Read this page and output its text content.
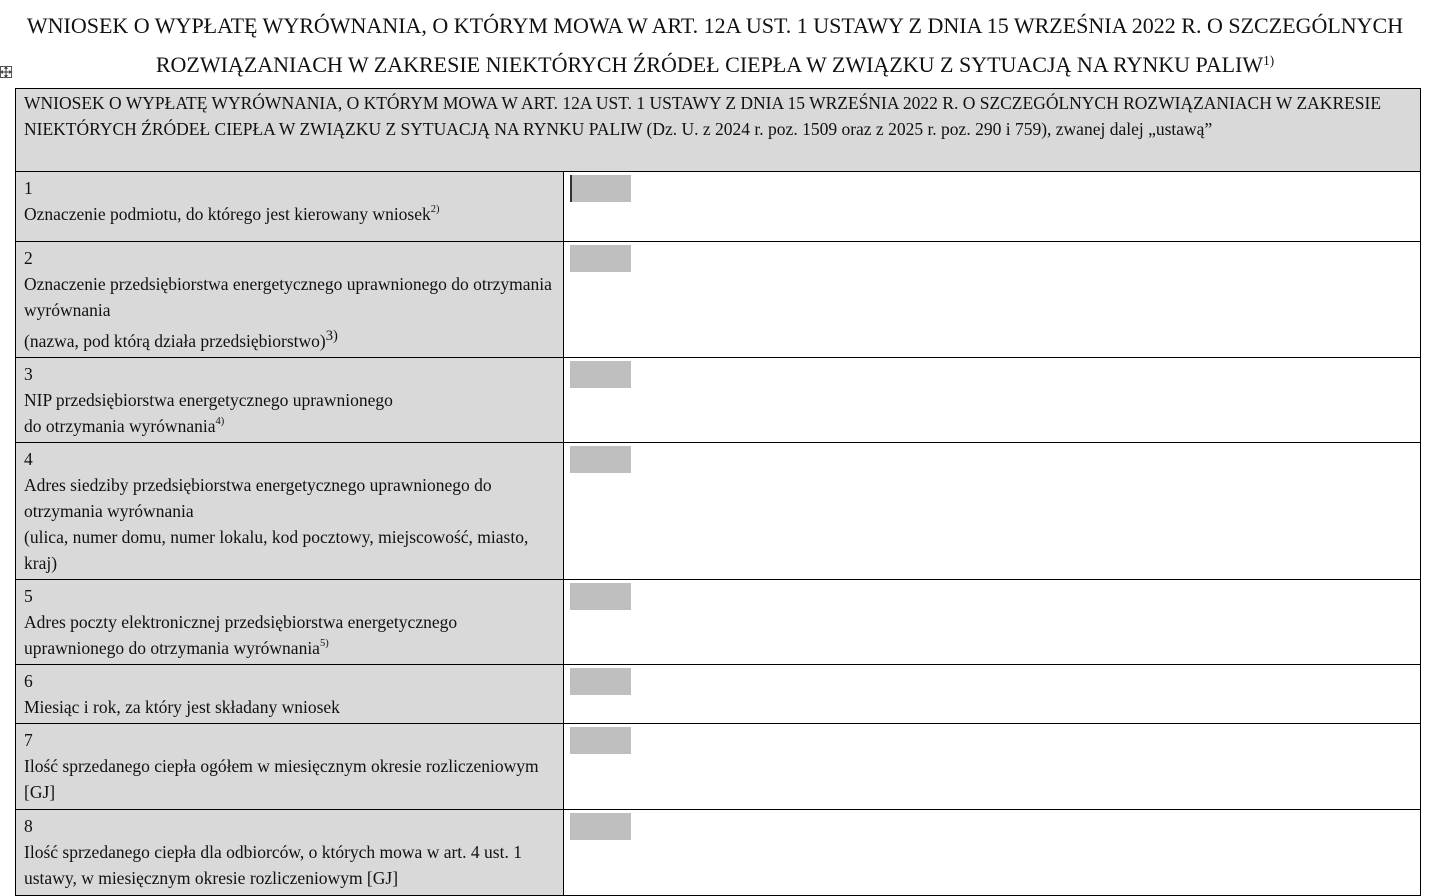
WNIOSEK O WYPŁATĘ WYRÓWNANIA, O KTÓRYM MOWA W ART. 12A UST. 1 USTAWY Z DNIA 15 WRZEŚNIA 2022 R. O SZCZEGÓLNYCH
ROZWIĄZANIACH W ZAKRESIE NIEKTÓRYCH ŹRÓDEŁ CIEPŁA W ZWIĄZKU Z SYTUACJĄ NA RYNKU PALIW$^{1)}$
WNIOSEK O WYPŁATĘ WYRÓWNANIA, O KTÓRYM MOWA W ART. 12A UST. 1 USTAWY Z DNIA 15 WRZEŚNIA 2022 R. O SZCZEGÓLNYCH ROZWIĄZANIACH W ZAKRESIE NIEKTÓRYCH ŹRÓDEŁ CIEPŁA W ZWIĄZKU Z SYTUACJĄ NA RYNKU PALIW (Dz. U. z 2024 r. poz. 1509 oraz z 2025 r. poz. 290 i 759), zwanej dalej „ustawą”	

1
Oznaczenie podmiotu, do którego jest kierowany wniosek$^{2)}$

2
Oznaczenie przedsiębiorstwa energetycznego uprawnionego do otrzymania wyrównania
(nazwa, pod którą działa przedsiębiorstwo)$^{3)}$

3
NIP przedsiębiorstwa energetycznego uprawnionego
do otrzymania wyrównania$^{4)}$

4
Adres siedziby przedsiębiorstwa energetycznego uprawnionego do otrzymania wyrównania
(ulica, numer domu, numer lokalu, kod pocztowy, miejscowość, miasto, kraj)	

5
Adres poczty elektronicznej przedsiębiorstwa energetycznego uprawnionego do otrzymania wyrównania$^{5)}$

6
Miesiąc i rok, za który jest składany wniosek	

7
Ilość sprzedanego ciepła ogółem w miesięcznym okresie rozliczeniowym [GJ]	

8
Ilość sprzedanego ciepła dla odbiorców, o których mowa w art. 4 ust. 1 ustawy, w miesięcznym okresie rozliczeniowym [GJ]	
